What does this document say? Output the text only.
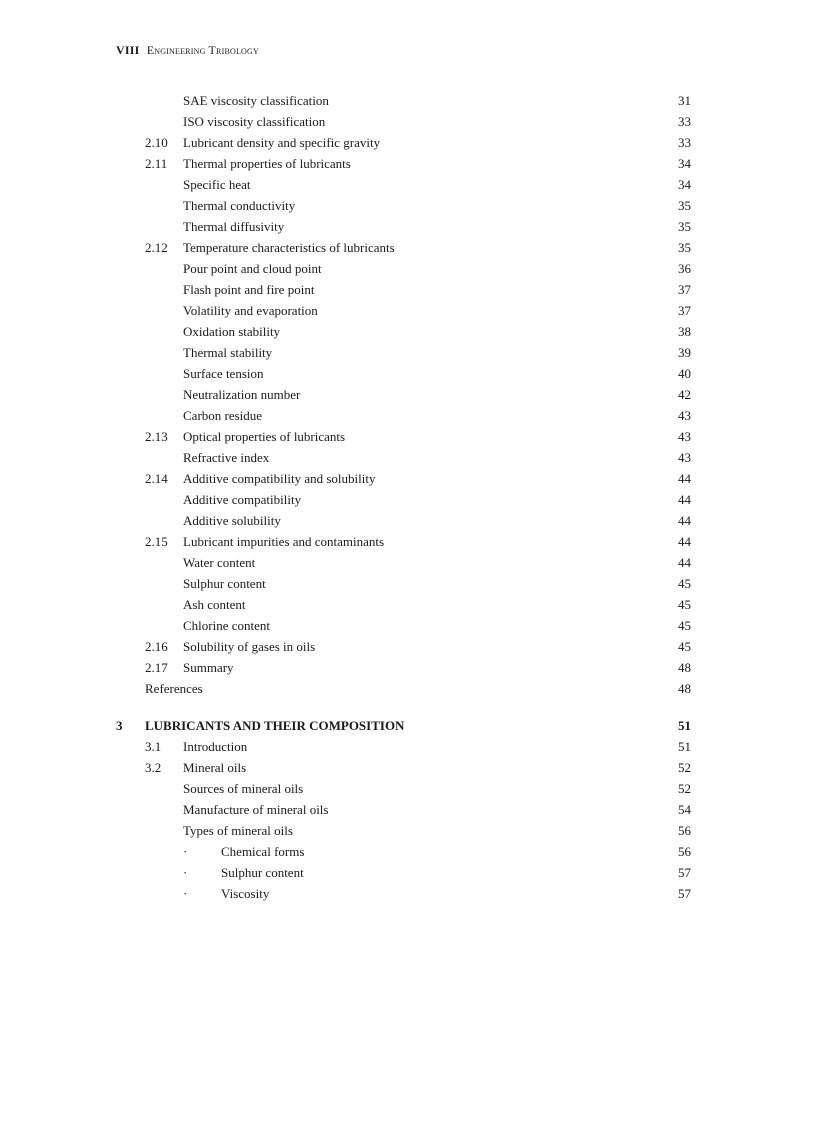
VIII Engineering Tribology
SAE viscosity classification	31
ISO viscosity classification	33
2.10 Lubricant density and specific gravity	33
2.11 Thermal properties of lubricants	34
Specific heat	34
Thermal conductivity	35
Thermal diffusivity	35
2.12 Temperature characteristics of lubricants	35
Pour point and cloud point	36
Flash point and fire point	37
Volatility and evaporation	37
Oxidation stability	38
Thermal stability	39
Surface tension	40
Neutralization number	42
Carbon residue	43
2.13 Optical properties of lubricants	43
Refractive index	43
2.14 Additive compatibility and solubility	44
Additive compatibility	44
Additive solubility	44
2.15 Lubricant impurities and contaminants	44
Water content	44
Sulphur content	45
Ash content	45
Chlorine content	45
2.16 Solubility of gases in oils	45
2.17 Summary	48
References	48
3 LUBRICANTS AND THEIR COMPOSITION	51
3.1 Introduction	51
3.2 Mineral oils	52
Sources of mineral oils	52
Manufacture of mineral oils	54
Types of mineral oils	56
·	Chemical forms	56
·	Sulphur content	57
·	Viscosity	57
